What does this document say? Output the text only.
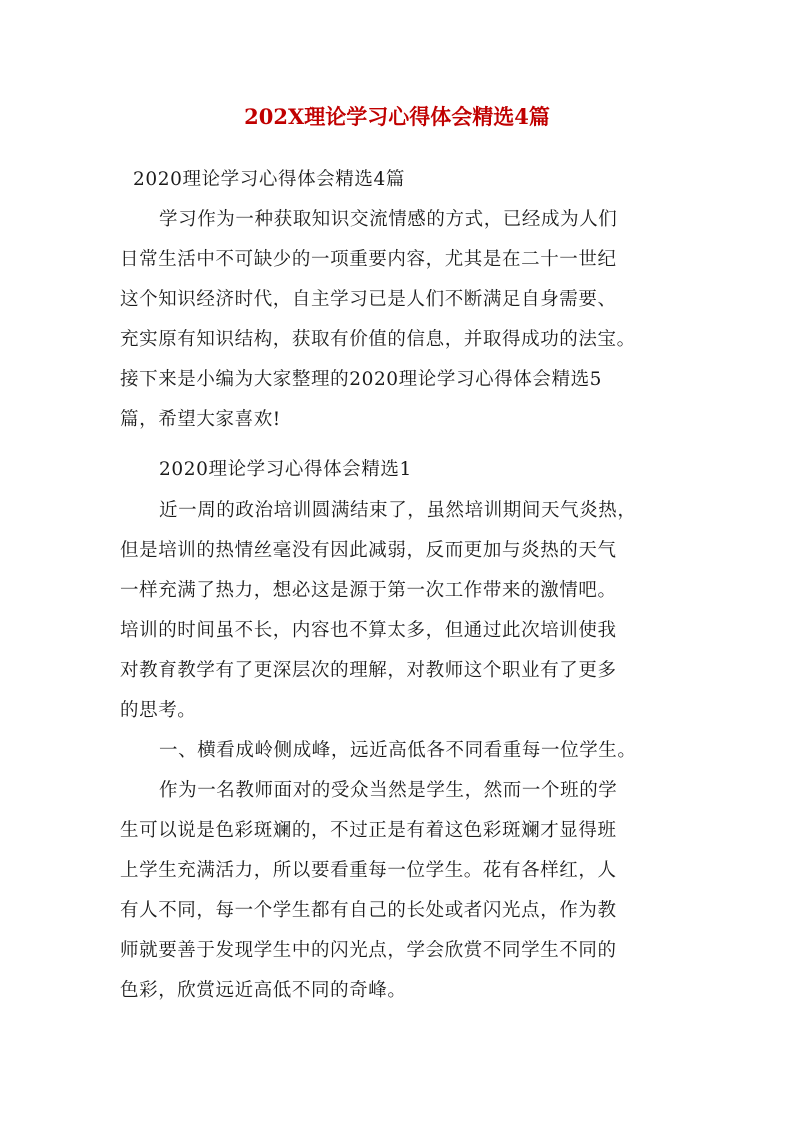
202X理论学习心得体会精选4篇
2020理论学习心得体会精选4篇
学习作为一种获取知识交流情感的方式，已经成为人们
日常生活中不可缺少的一项重要内容，尤其是在二十一世纪
这个知识经济时代，自主学习已是人们不断满足自身需要、
充实原有知识结构，获取有价值的信息，并取得成功的法宝。
接下来是小编为大家整理的2020理论学习心得体会精选5
篇，希望大家喜欢!
2020理论学习心得体会精选1
近一周的政治培训圆满结束了，虽然培训期间天气炎热，
但是培训的热情丝毫没有因此减弱，反而更加与炎热的天气
一样充满了热力，想必这是源于第一次工作带来的激情吧。
培训的时间虽不长，内容也不算太多，但通过此次培训使我
对教育教学有了更深层次的理解，对教师这个职业有了更多
的思考。
一、横看成岭侧成峰，远近高低各不同看重每一位学生。
作为一名教师面对的受众当然是学生，然而一个班的学
生可以说是色彩斑斓的，不过正是有着这色彩斑斓才显得班
上学生充满活力，所以要看重每一位学生。花有各样红，人
有人不同，每一个学生都有自己的长处或者闪光点，作为教
师就要善于发现学生中的闪光点，学会欣赏不同学生不同的
色彩，欣赏远近高低不同的奇峰。
